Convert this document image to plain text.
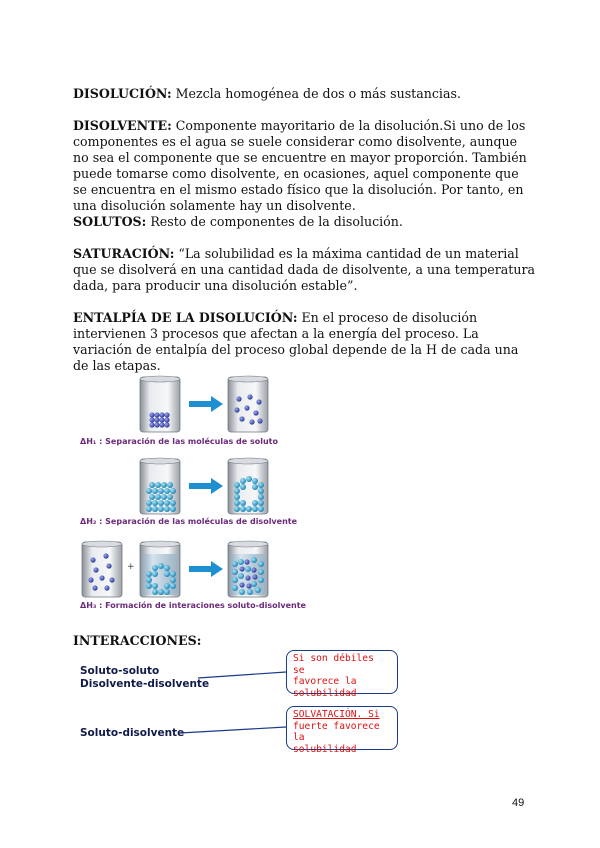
DISOLUCIÓN: Mezcla homogénea de dos o más sustancias.

DISOLVENTE: Componente mayoritario de la disolución.Si uno de los componentes es el agua se suele considerar como disolvente, aunque no sea el componente que se encuentre en mayor proporción. También puede tomarse como disolvente, en ocasiones, aquel componente que se encuentra en el mismo estado físico que la disolución. Por tanto, en una disolución solamente hay un disolvente.

SOLUTOS: Resto de componentes de la disolución.

SATURACIÓN: “La solubilidad es la máxima cantidad de un material que se disolverá en una cantidad dada de disolvente, a una temperatura dada, para producir una disolución estable”.

ENTALPÍA DE LA DISOLUCIÓN: En el proceso de disolución intervienen 3 procesos que afectan a la energía del proceso. La variación de entalpía del proceso global depende de la H de cada una de las etapas.

ΔH₁ : Separación de las moléculas de soluto
ΔH₂ : Separación de las moléculas de disolvente
+
ΔH₃ : Formación de interaciones soluto-disolvente
INTERACCIONES:
Soluto-soluto
Disolvente-disolvente
Si son débiles se
favorece la
solubilidad
Soluto-disolvente
SOLVATACIÓN. Si
fuerte favorece la
solubilidad
49
